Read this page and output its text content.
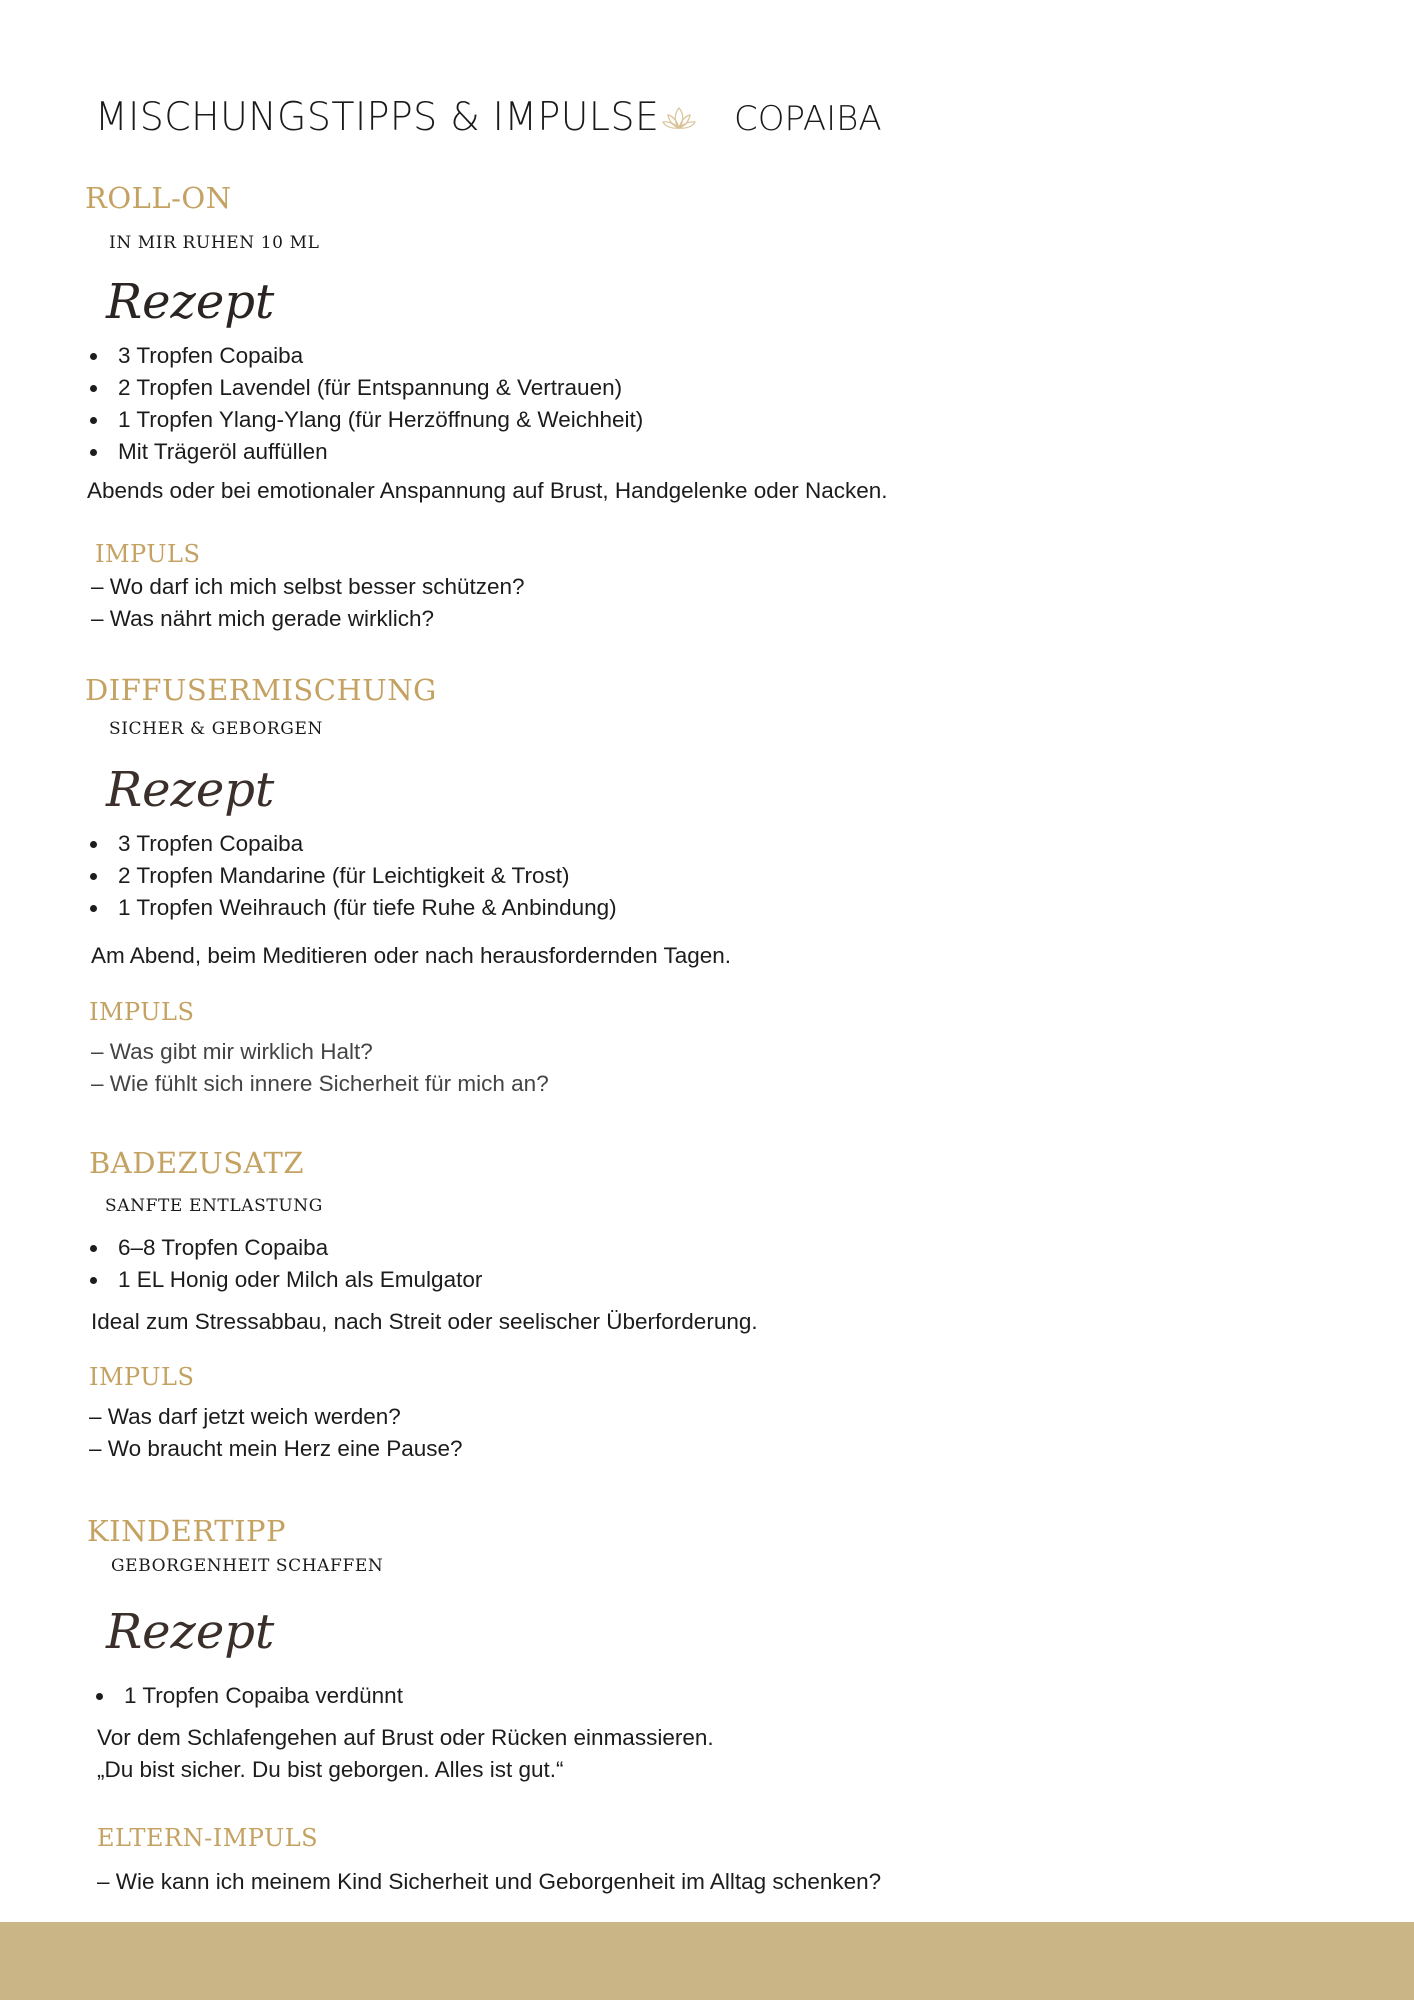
MISCHUNGSTIPPS & IMPULSE COPAIBA
ROLL-ON
IN MIR RUHEN 10 ML
Rezept
3 Tropfen Copaiba
2 Tropfen Lavendel (für Entspannung & Vertrauen)
1 Tropfen Ylang-Ylang (für Herzöffnung & Weichheit)
Mit Trägeröl auffüllen
Abends oder bei emotionaler Anspannung auf Brust, Handgelenke oder Nacken.
IMPULS
– Wo darf ich mich selbst besser schützen?
– Was nährt mich gerade wirklich?
DIFFUSERMISCHUNG
SICHER & GEBORGEN
Rezept
3 Tropfen Copaiba
2 Tropfen Mandarine (für Leichtigkeit & Trost)
1 Tropfen Weihrauch (für tiefe Ruhe & Anbindung)
Am Abend, beim Meditieren oder nach herausfordernden Tagen.
IMPULS
– Was gibt mir wirklich Halt?
– Wie fühlt sich innere Sicherheit für mich an?
BADEZUSATZ
SANFTE ENTLASTUNG
6–8 Tropfen Copaiba
1 EL Honig oder Milch als Emulgator
Ideal zum Stressabbau, nach Streit oder seelischer Überforderung.
IMPULS
– Was darf jetzt weich werden?
– Wo braucht mein Herz eine Pause?
KINDERTIPP
GEBORGENHEIT SCHAFFEN
Rezept
1 Tropfen Copaiba verdünnt
Vor dem Schlafengehen auf Brust oder Rücken einmassieren.
„Du bist sicher. Du bist geborgen. Alles ist gut.“
ELTERN-IMPULS
– Wie kann ich meinem Kind Sicherheit und Geborgenheit im Alltag schenken?
